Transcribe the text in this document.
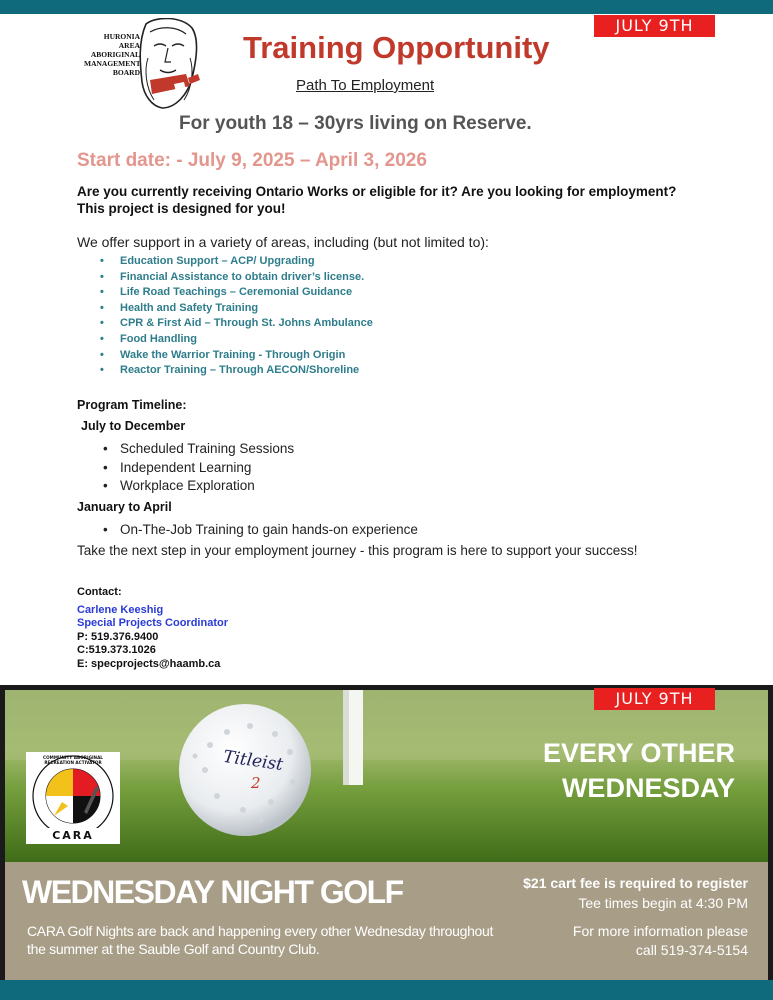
JULY 9TH
HURONIA
AREA
ABORIGINAL
MANAGEMENT
BOARD
Training Opportunity
Path To Employment
For youth 18 – 30yrs living on Reserve.
Start date: - July 9, 2025 – April 3, 2026
Are you currently receiving Ontario Works or eligible for it? Are you looking for employment? This project is designed for you!
We offer support in a variety of areas, including (but not limited to):
• Education Support – ACP/ Upgrading
• Financial Assistance to obtain driver’s license.
• Life Road Teachings – Ceremonial Guidance
• Health and Safety Training
• CPR & First Aid – Through St. Johns Ambulance
• Food Handling
• Wake the Warrior Training - Through Origin
• Reactor Training – Through AECON/Shoreline
Program Timeline:
July to December
• Scheduled Training Sessions
• Independent Learning
• Workplace Exploration
January to April
• On-The-Job Training to gain hands-on experience
Take the next step in your employment journey - this program is here to support your success!
Contact:
Carlene Keeshig
Special Projects Coordinator
P: 519.376.9400
C:519.373.1026
E: specprojects@haamb.ca
Titleist
2
JULY 9TH
COMMUNITY ABORIGINAL RECREATION ACTIVATOR
CARA
EVERY OTHER
WEDNESDAY
WEDNESDAY NIGHT GOLF
CARA Golf Nights are back and happening every other Wednesday throughout the summer at the Sauble Golf and Country Club.
$21 cart fee is required to register
Tee times begin at 4:30 PM
For more information please
call 519-374-5154
